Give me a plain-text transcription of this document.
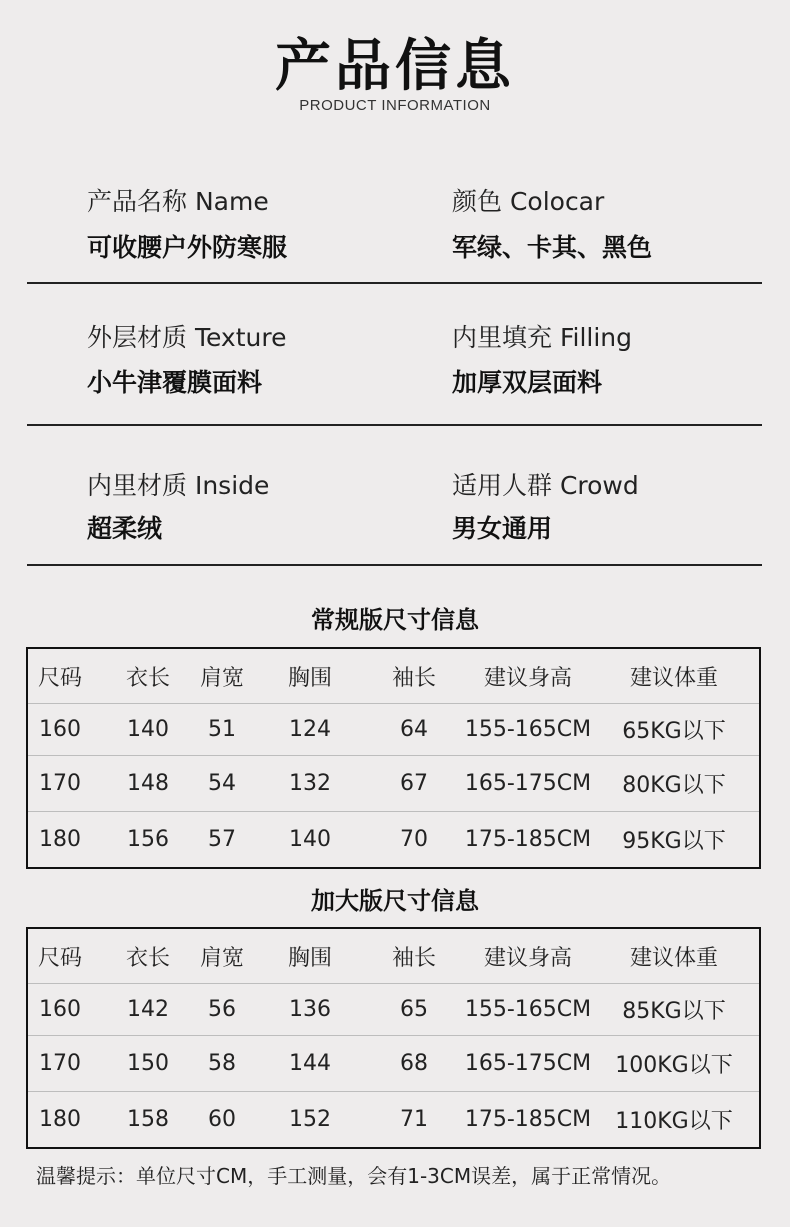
产品信息
PRODUCT INFORMATION
产品名称 Name
可收腰户外防寒服
颜色 Colocar
军绿、卡其、黑色
外层材质 Texture
小牛津覆膜面料
内里填充 Filling
加厚双层面料
内里材质 Inside
超柔绒
适用人群 Crowd
男女通用
常规版尺寸信息
尺码	衣长	肩宽	胸围	袖长	建议身高	建议体重
160	140	51	124	64	155-165CM	65KG以下
170	148	54	132	67	165-175CM	80KG以下
180	156	57	140	70	175-185CM	95KG以下
加大版尺寸信息
尺码	衣长	肩宽	胸围	袖长	建议身高	建议体重
160	142	56	136	65	155-165CM	85KG以下
170	150	58	144	68	165-175CM	100KG以下
180	158	60	152	71	175-185CM	110KG以下
温馨提示：单位尺寸CM，手工测量，会有1-3CM误差，属于正常情况。
